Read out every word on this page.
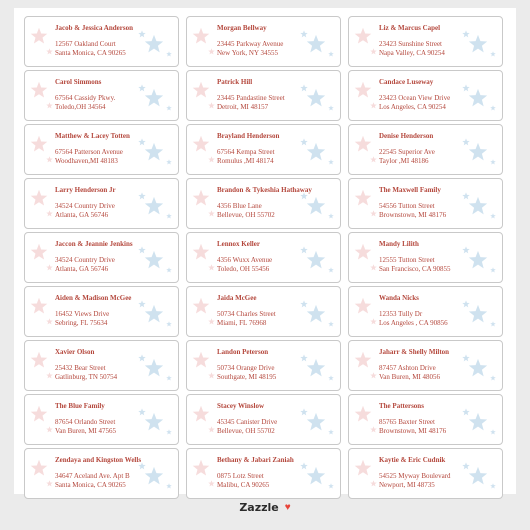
Jacob & Jessica Anderson
12567 Oakland Court
Santa Monica, CA 90265
Morgan Bellway
23445 Parkway Avenue
New York, NY 34555
Liz & Marcus Capel
23423 Sunshine Street
Napa Valley, CA 90254
Carol Simmons
67564 Cassidy Pkwy.
Toledo,OH 34564
Patrick Hill
23445 Pandastine Street
Detroit, MI 48157
Candace Luseway
23423 Ocean View Drive
Los Angeles, CA 90254
Matthew & Lacey Totten
67564 Patterson Avenue
Woodhaven,MI 48183
Brayland Henderson
67564 Kempa Street
Romulus ,MI 48174
Denise Henderson
22545 Superior Ave
Taylor ,MI 48186
Larry Henderson Jr
34524 Country Drive
Atlanta, GA 56746
Brandon & Tykeshia Hathaway
4356 Blue Lane
Bellevue, OH 55702
The Maxwell Family
54556 Tutton Street
Brownstown, MI 48176
Jaccon & Jeannie Jenkins
34524 Country Drive
Atlanta, GA 56746
Lennox Keller
4356 Wuxx Avenue
Toledo, OH 55456
Mandy Lilith
12555 Tutton Street
San Francisco, CA 90855
Aiden & Madison McGee
16452 Views Drive
Sebring, FL 75634
Jaida McGee
50734 Charles Street
Miami, FL 76968
Wanda Nicks
12353 Tully Dr
Los Angeles , CA 90856
Xavier Olson
25432 Bear Street
Gatlinburg, TN 50754
Landon Peterson
50734 Orange Drive
Southgate, MI 48195
Jaharr & Shelly Milton
87457 Ashton Drive
Van Buren, MI 48056
The Blue Family
87654 Orlando Street
Van Buren, MI 47565
Stacey Winslow
45345 Canister Drive
Bellevue, OH 55702
The Pattersons
85765 Baxter Street
Brownstown, MI 48176
Zendaya and Kingston Wells
34647 Aceland Ave. Apt B
Santa Monica, CA 90265
Bethany & Jabari Zaniah
0875 Lotz Street
Malibu, CA 90265
Kaytie & Eric Cudnik
54525 Myway Boulevard
Newport, MI 48735
Zazzle ♥
